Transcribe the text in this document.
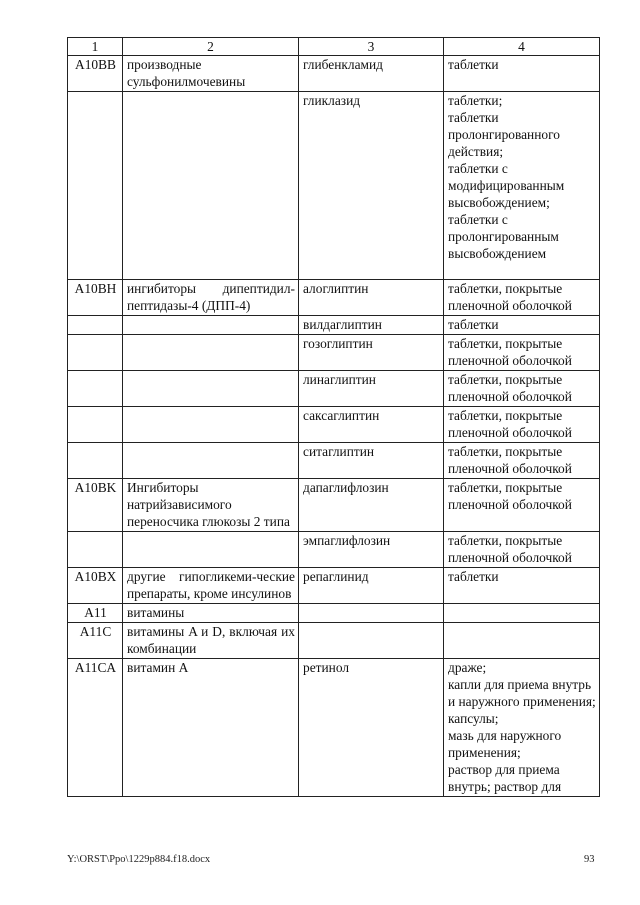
1	2	3	4
A10BB	производные сульфонилмочевины	глибенкламид	таблетки

		гликлазид	таблетки;
таблетки пролонгированного действия;
таблетки с модифицированным высвобождением;
таблетки с пролонгированным высвобождением

A10BH	ингибиторы дипептидил-пептидазы-4 (ДПП-4)	алоглиптин	таблетки, покрытые пленочной оболочкой

		вилдаглиптин	таблетки

		гозоглиптин	таблетки, покрытые пленочной оболочкой

		линаглиптин	таблетки, покрытые пленочной оболочкой

		саксаглиптин	таблетки, покрытые пленочной оболочкой

		ситаглиптин	таблетки, покрытые пленочной оболочкой

A10BK	Ингибиторы натрийзависимого переносчика глюкозы 2 типа	дапаглифлозин	таблетки, покрытые пленочной оболочкой

		эмпаглифлозин	таблетки, покрытые пленочной оболочкой

A10BX	другие гипогликеми-ческие препараты, кроме инсулинов	репаглинид	таблетки

A11	витамины		
A11C	витамины A и D, включая их комбинации		
A11CA	витамин A	ретинол	драже;
капли для приема внутрь и наружного применения;
капсулы;
мазь для наружного применения;
раствор для приема внутрь; раствор для
Y:\ORST\Ppo\1229p884.f18.docx	93
